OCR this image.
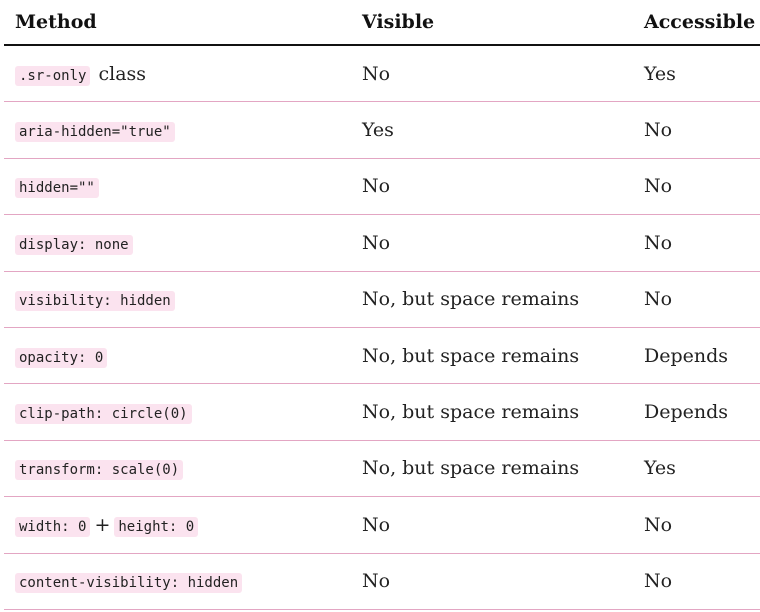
Method	Visible	Accessible
.sr-only class	No	Yes
aria-hidden="true"	Yes	No
hidden=""	No	No
display: none	No	No
visibility: hidden	No, but space remains	No
opacity: 0	No, but space remains	Depends
clip-path: circle(0)	No, but space remains	Depends
transform: scale(0)	No, but space remains	Yes
width: 0 + height: 0	No	No
content-visibility: hidden	No	No
